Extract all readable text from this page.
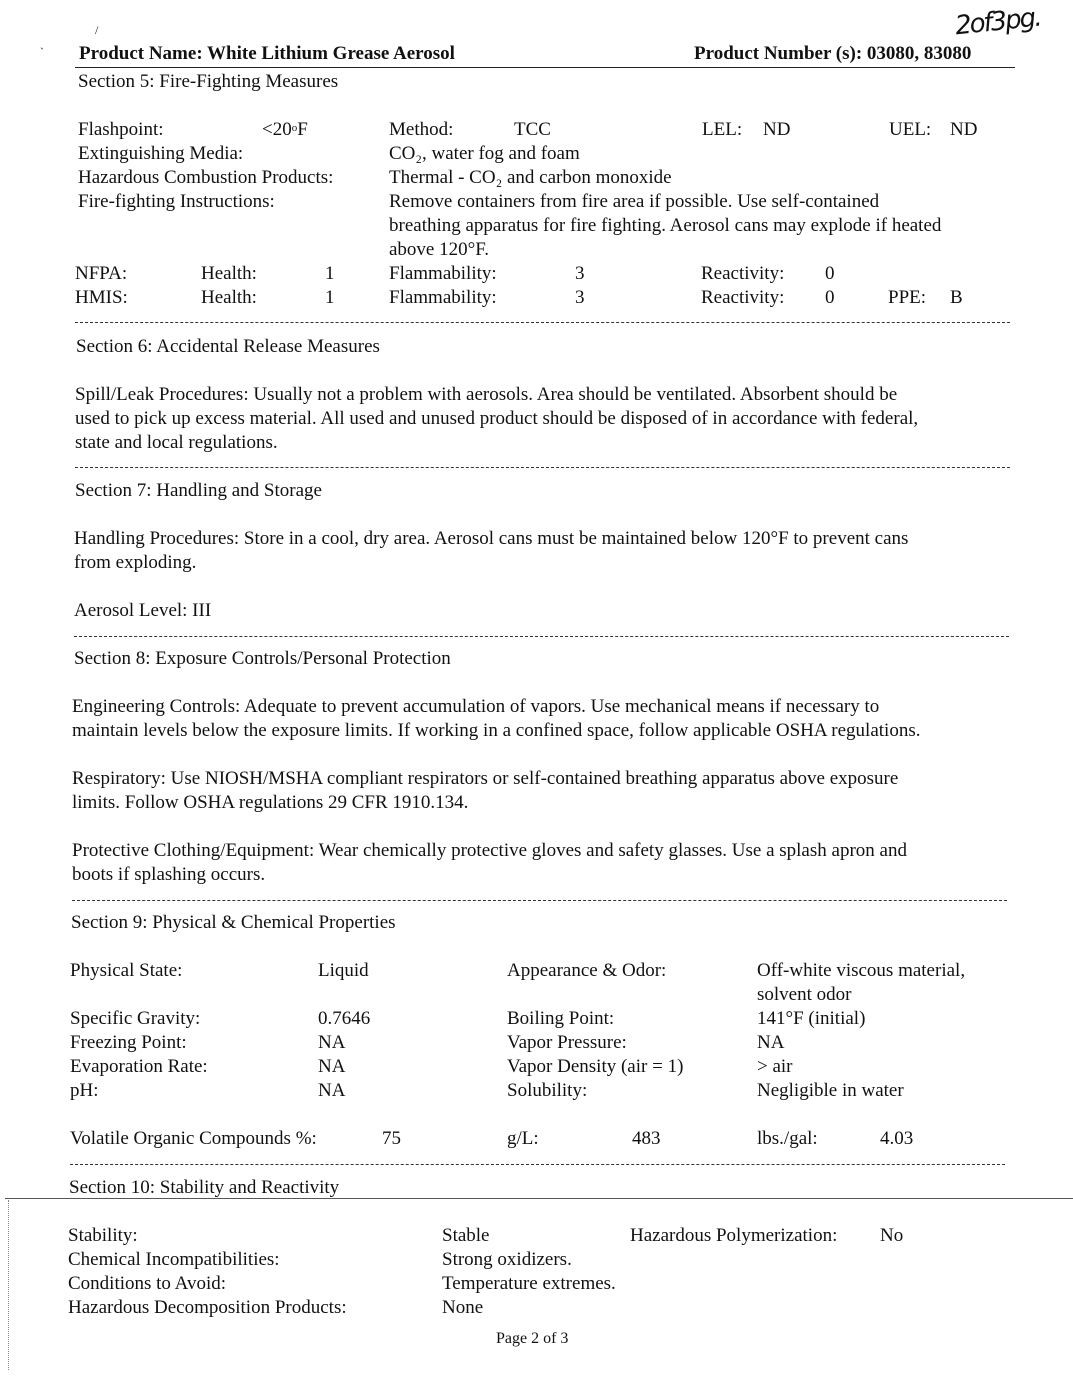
/
` Product Name: White Lithium Grease Aerosol	Product Number (s): 03080, 83080
2of3pg.
Section 5: Fire-Fighting Measures
Flashpoint:	$<20^oF$	Method:	TCC	LEL: ND	UEL: ND
Extinguishing Media:	CO₂, water fog and foam
Hazardous Combustion Products:	Thermal - CO₂ and carbon monoxide
Fire-fighting Instructions:	Remove containers from fire area if possible. Use self-contained
breathing apparatus for fire fighting. Aerosol cans may explode if heated
above 120°F.
NFPA:	Health:	1	Flammability:	3	Reactivity: 0
HMIS:	Health:	1	Flammability:	3	Reactivity: 0	PPE: B
Section 6: Accidental Release Measures
Spill/Leak Procedures: Usually not a problem with aerosols. Area should be ventilated. Absorbent should be
used to pick up excess material. All used and unused product should be disposed of in accordance with federal,
state and local regulations.
Section 7: Handling and Storage
Handling Procedures: Store in a cool, dry area. Aerosol cans must be maintained below 120°F to prevent cans
from exploding.
Aerosol Level: III
Section 8: Exposure Controls/Personal Protection
Engineering Controls: Adequate to prevent accumulation of vapors. Use mechanical means if necessary to
maintain levels below the exposure limits. If working in a confined space, follow applicable OSHA regulations.
Respiratory: Use NIOSH/MSHA compliant respirators or self-contained breathing apparatus above exposure
limits. Follow OSHA regulations 29 CFR 1910.134.
Protective Clothing/Equipment: Wear chemically protective gloves and safety glasses. Use a splash apron and
boots if splashing occurs.
Section 9: Physical & Chemical Properties
Physical State:	Liquid	Appearance & Odor:	Off-white viscous material,
solvent odor
Specific Gravity:	0.7646	Boiling Point:	141°F (initial)
Freezing Point:	NA	Vapor Pressure:	NA
Evaporation Rate:	NA	Vapor Density (air = 1)	> air
pH:	NA	Solubility:	Negligible in water
Volatile Organic Compounds %:	75	g/L:	483	lbs./gal:	4.03
Section 10: Stability and Reactivity
Stability:	Stable	Hazardous Polymerization: No
Chemical Incompatibilities:	Strong oxidizers.
Conditions to Avoid:	Temperature extremes.
Hazardous Decomposition Products:	None
Page 2 of 3
